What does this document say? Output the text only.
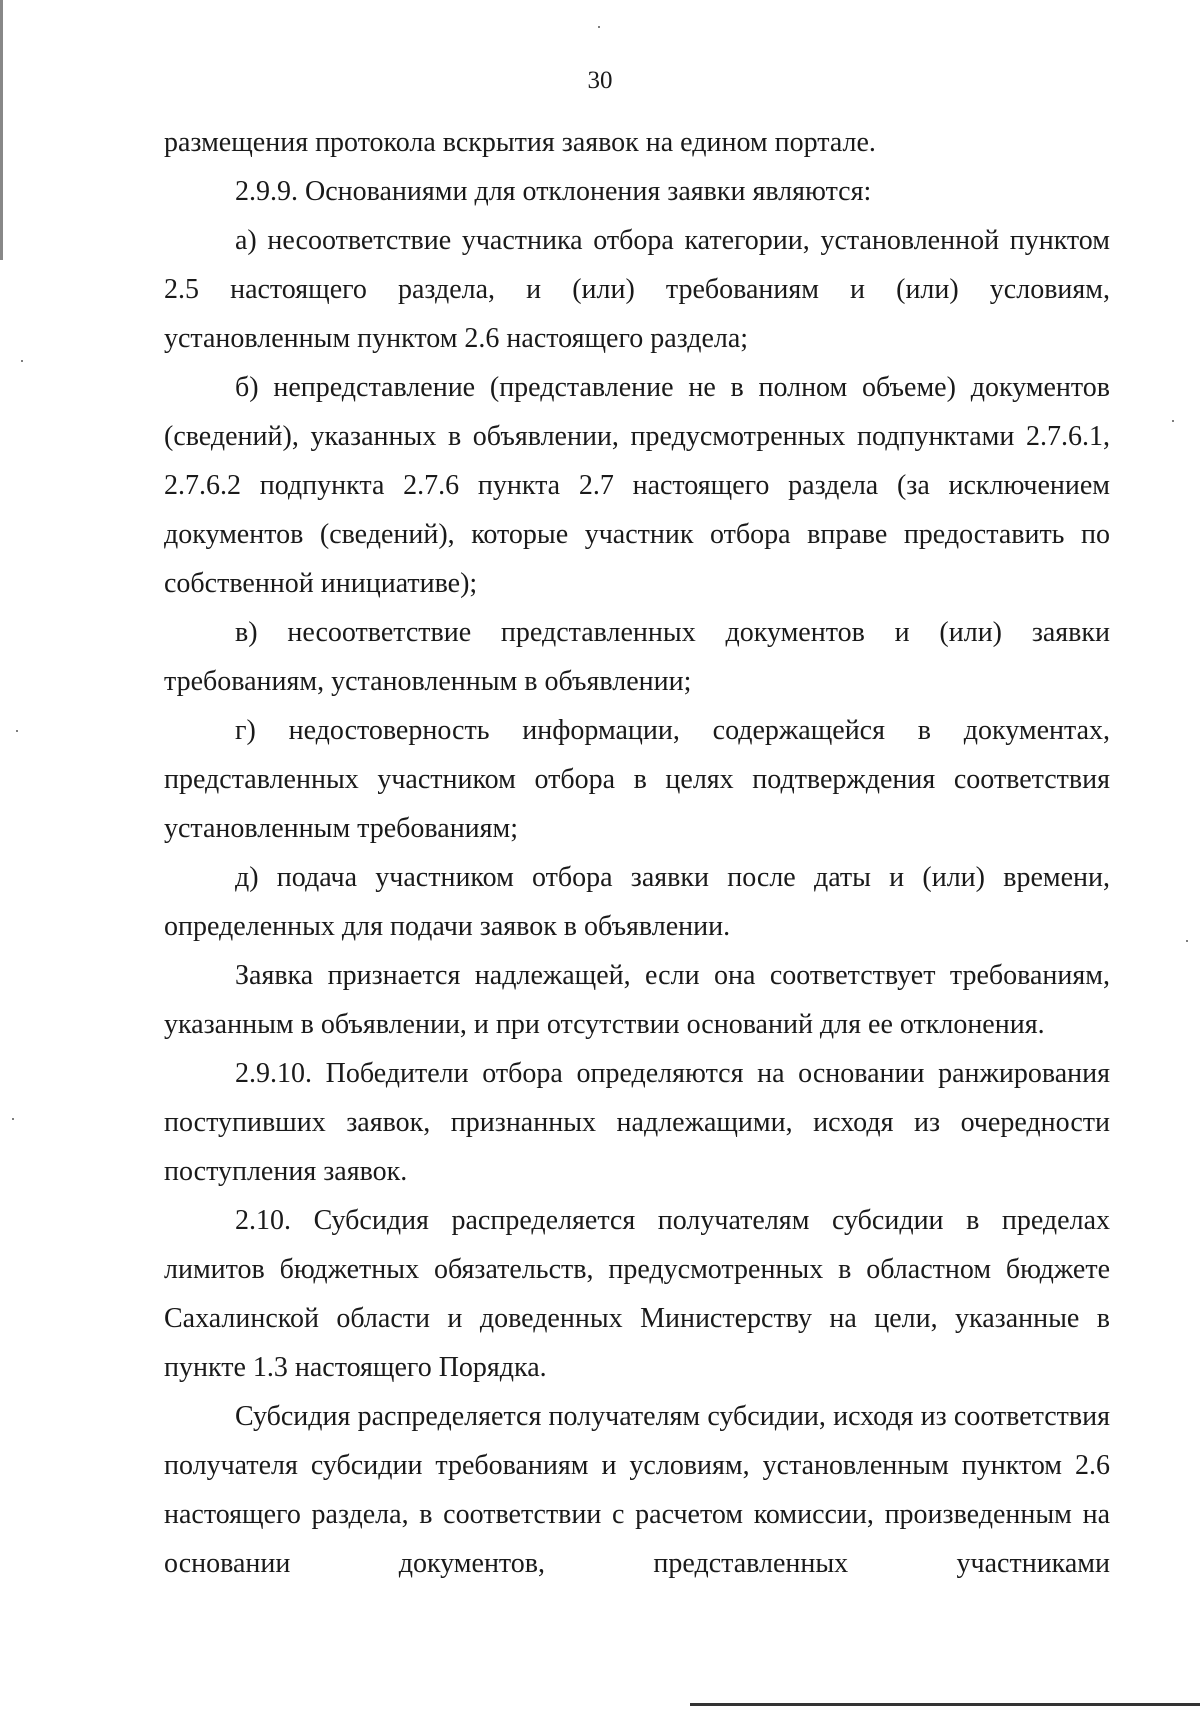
30

размещения протокола вскрытия заявок на едином портале.

2.9.9. Основаниями для отклонения заявки являются:

а) несоответствие участника отбора категории, установленной пунктом 2.5 настоящего раздела, и (или) требованиям и (или) условиям, установленным пунктом 2.6 настоящего раздела;

б) непредставление (представление не в полном объеме) документов (сведений), указанных в объявлении, предусмотренных подпунктами 2.7.6.1, 2.7.6.2 подпункта 2.7.6 пункта 2.7 настоящего раздела (за исключением документов (сведений), которые участник отбора вправе предоставить по собственной инициативе);

в) несоответствие представленных документов и (или) заявки требованиям, установленным в объявлении;

г) недостоверность информации, содержащейся в документах, представленных участником отбора в целях подтверждения соответствия установленным требованиям;

д) подача участником отбора заявки после даты и (или) времени, определенных для подачи заявок в объявлении.

Заявка признается надлежащей, если она соответствует требованиям, указанным в объявлении, и при отсутствии оснований для ее отклонения.

2.9.10. Победители отбора определяются на основании ранжирования поступивших заявок, признанных надлежащими, исходя из очередности поступления заявок.

2.10. Субсидия распределяется получателям субсидии в пределах лимитов бюджетных обязательств, предусмотренных в областном бюджете Сахалинской области и доведенных Министерству на цели, указанные в пункте 1.3 настоящего Порядка.

Субсидия распределяется получателям субсидии, исходя из соответствия получателя субсидии требованиям и условиям, установленным пунктом 2.6 настоящего раздела, в соответствии с расчетом комиссии, произведенным на основании документов, представленных участниками
